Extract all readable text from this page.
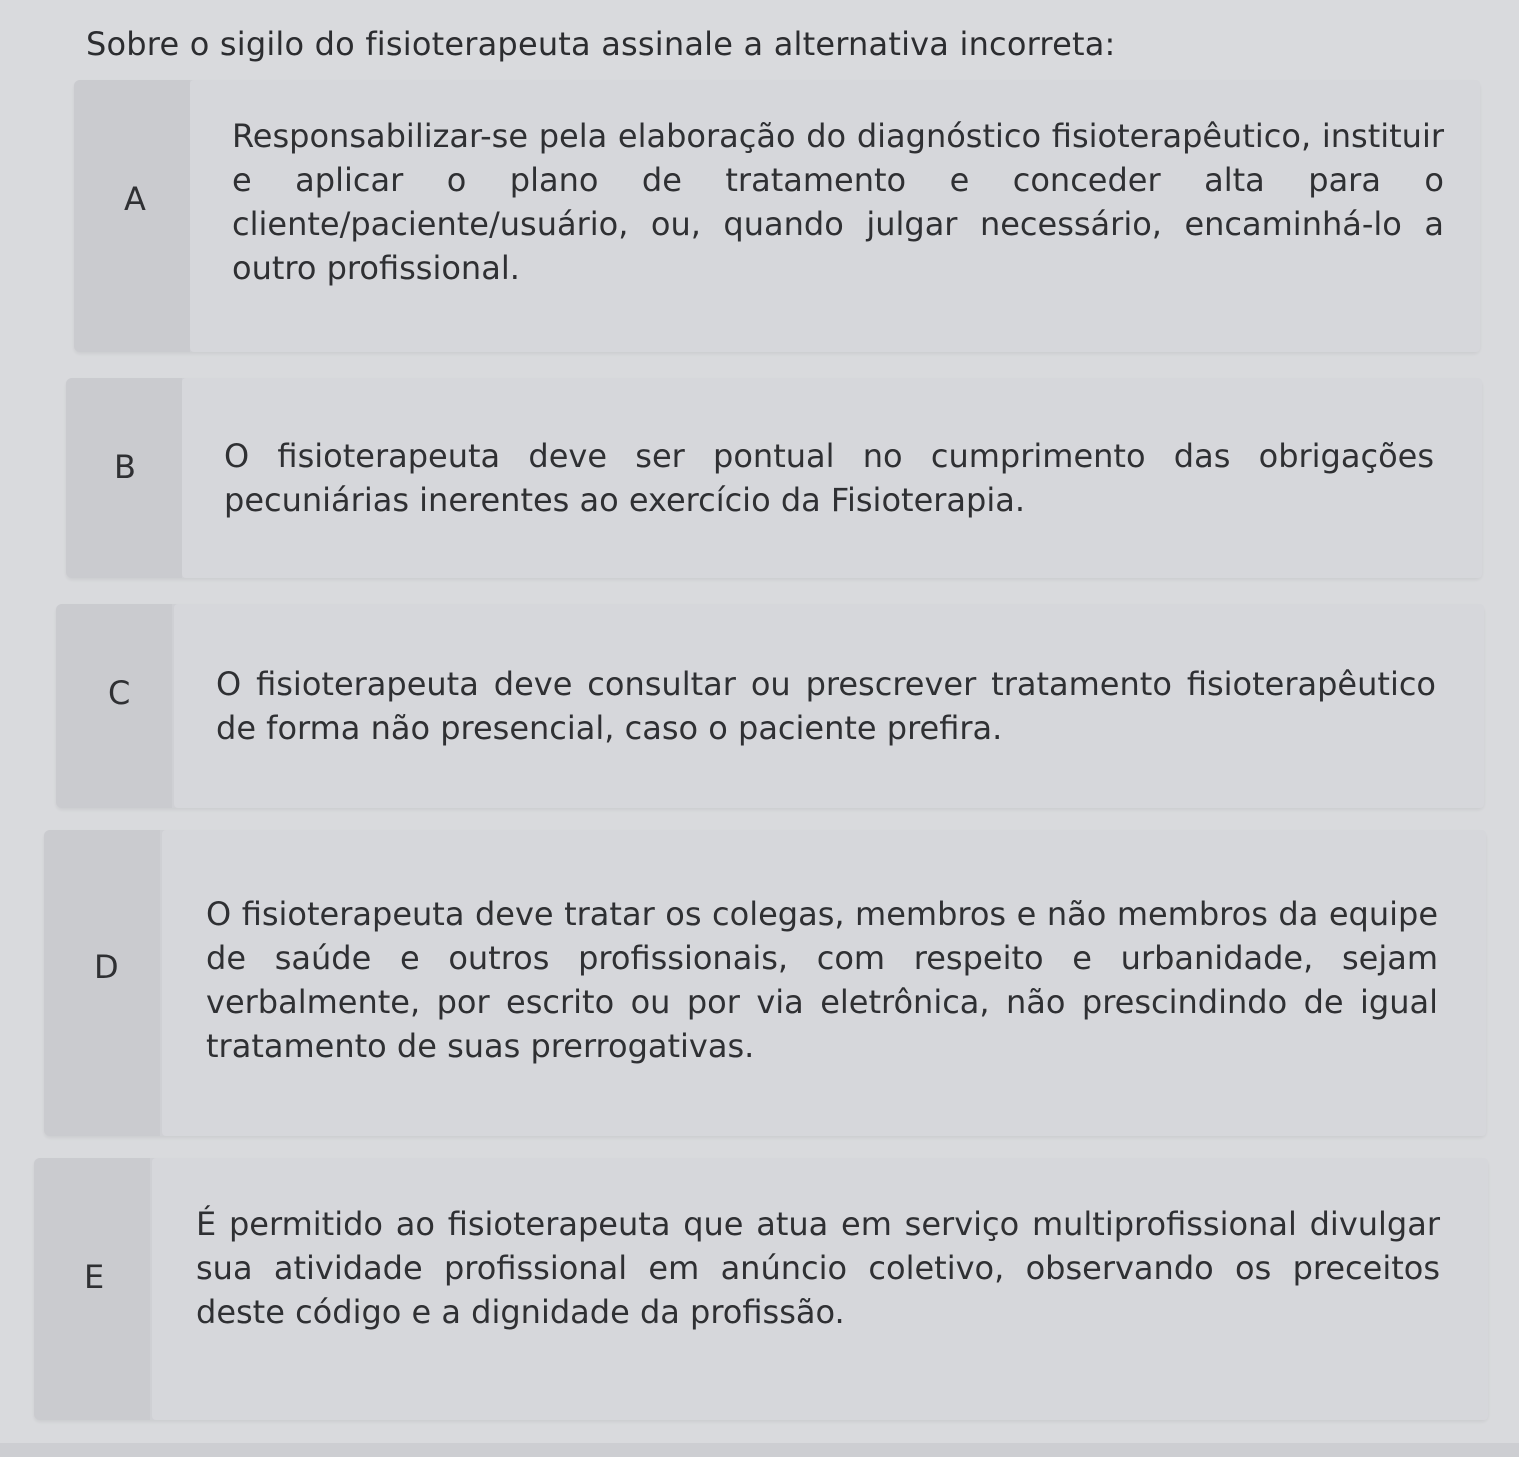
Sobre o sigilo do fisioterapeuta assinale a alternativa incorreta:
A
Responsabilizar-se pela elaboração do diagnóstico fisioterapêutico, instituir e aplicar o plano de tratamento e conceder alta para o cliente/paciente/usuário, ou, quando julgar necessário, encaminhá-lo a outro profissional.
B	O fisioterapeuta deve ser pontual no cumprimento das obrigações pecuniárias inerentes ao exercício da Fisioterapia.
C	O fisioterapeuta deve consultar ou prescrever tratamento fisioterapêutico de forma não presencial, caso o paciente prefira.
D
O fisioterapeuta deve tratar os colegas, membros e não membros da equipe de saúde e outros profissionais, com respeito e urbanidade, sejam verbalmente, por escrito ou por via eletrônica, não prescindindo de igual tratamento de suas prerrogativas.
E
É permitido ao fisioterapeuta que atua em serviço multiprofissional divulgar sua atividade profissional em anúncio coletivo, observando os preceitos deste código e a dignidade da profissão.
